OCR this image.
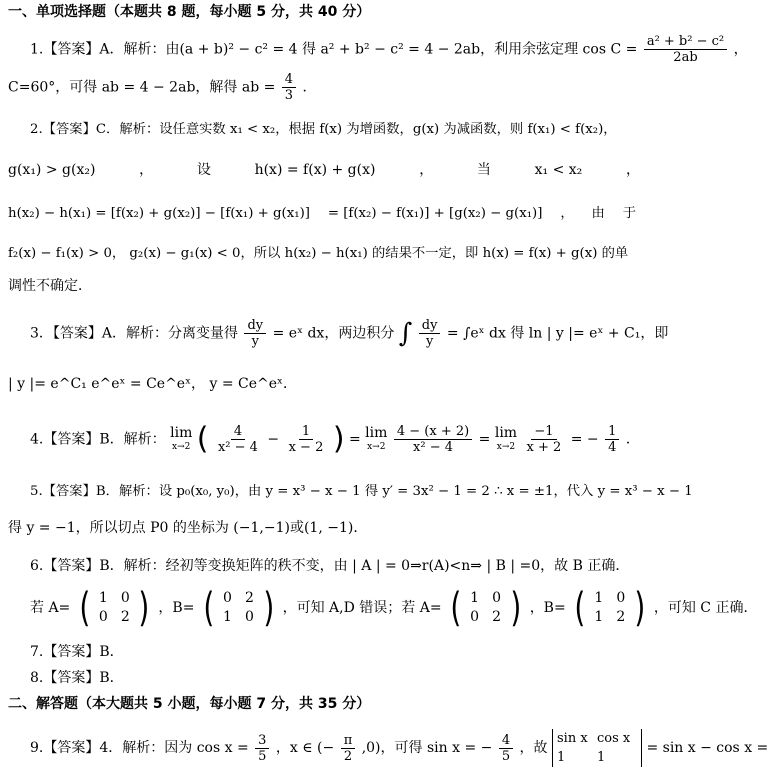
一、单项选择题（本题共 8 题，每小题 5 分，共 40 分）
1.【答案】A．解析：由(a + b)² − c² = 4 得 a² + b² − c² = 4 − 2ab，利用余弦定理 $\cos C = \frac{\text{a² + b² − c²}}{2ab}$ ，
C=60°，可得 ab = 4 − 2ab，解得 ab = $\frac{4}{3}$ ．
2.【答案】C．解析：设任意实数 x₁ < x₂，根据 f(x) 为增函数，g(x) 为减函数，则 f(x₁) < f(x₂)，
g(x₁) > g(x₂)	，	设	h(x) = f(x) + g(x)	，	当	x₁ < x₂	，
h(x₂) − h(x₁) = [f(x₂) + g(x₂)] − [f(x₁) + g(x₁)] = [f(x₂) − f(x₁)] + [g(x₂) − g(x₁)] ， 由 于
f₂(x) − f₁(x) > 0， g₂(x) − g₁(x) < 0，所以 h(x₂) − h(x₁) 的结果不一定，即 h(x) = f(x) + g(x) 的单
调性不确定．
3．【答案】A．解析：分离变量得 $\frac{dy}{y}$ = eˣ dx，两边积分 ∫ $\frac{dy}{y}$ = ∫eˣ dx 得 ln | y |= eˣ + C₁，即
| y |= e^C₁ e^eˣ = Ce^eˣ， y = Ce^eˣ．
4.【答案】B．解析： lim
x→2 ( $\frac{4}{\text{x² − 4}} - \frac{1}{x - 2}$ ) = lim
x→2
$\frac{4 - (x + 2)}{\text{x² − 4}} = \lim$
x→2
$\frac{-1}{x + 2}$ = − $\frac{1}{4}$ ．
5.【答案】B．解析：设 p₀(x₀, y₀)，由 y = x³ − x − 1 得 y′ = 3x² − 1 = 2 ∴ x = ±1，代入 y = x³ − x − 1
得 y = −1，所以切点 P0 的坐标为 (−1,−1)或(1, −1)．
6.【答案】B．解析：经初等变换矩阵的秩不变，由 | A | = 0⇒r(A)<n⇒ | B | =0，故 B 正确．
若 A= ( 1 0
0 2 ) ，B= ( 0 2
1 0 ) ，可知 A,D 错误；若 A= ( 1 0
0 2 ) ，B= ( 1 0
1 2 ) ，可知 C 正确．
7.【答案】B．
8.【答案】B．
二、解答题（本大题共 5 小题，每小题 7 分，共 35 分）
9.【答案】4．解析：因为 $\cos x = \frac{3}{5}$ ，x ∈ (− $\frac{\pi}{2} ,0$)，可得 sin x = − $\frac{4}{5}$ ，故
sin x cos x
1	1
= sin x − cos x =
